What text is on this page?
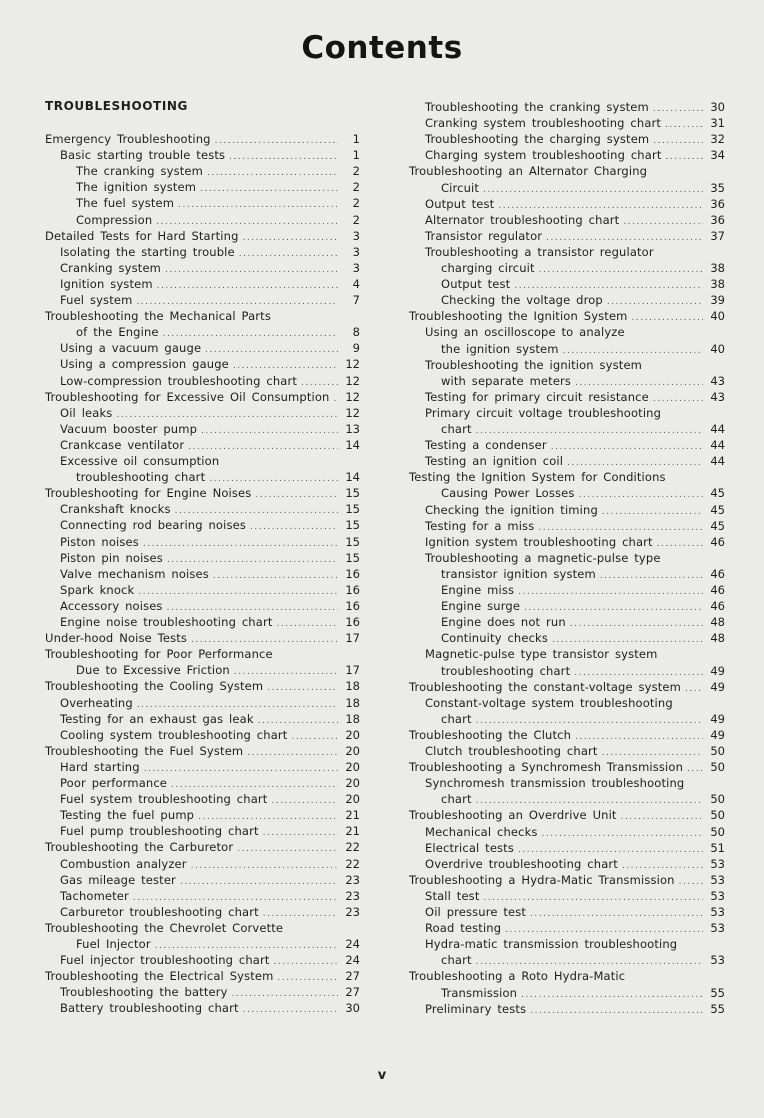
Contents
TROUBLESHOOTING
Emergency Troubleshooting .....	1
Basic starting trouble tests .....	1
The cranking system .....	2
The ignition system .....	2
The fuel system .....	2
Compression .....	2
Detailed Tests for Hard Starting .....	3
Isolating the starting trouble .....	3
Cranking system .....	3
Ignition system .....	4
Fuel system .....	7
Troubleshooting the Mechanical Parts
of the Engine .....	8
Using a vacuum gauge .....	9
Using a compression gauge .....	12
Low-compression troubleshooting chart .....	12
Troubleshooting for Excessive Oil Consumption ..... 12
Oil leaks .....	12
Vacuum booster pump .....	13
Crankcase ventilator .....	14
Excessive oil consumption
troubleshooting chart .....	14
Troubleshooting for Engine Noises .....	15
Crankshaft knocks .....	15
Connecting rod bearing noises .....	15
Piston noises .....	15
Piston pin noises .....	15
Valve mechanism noises .....	16
Spark knock .....	16
Accessory noises .....	16
Engine noise troubleshooting chart .....	16
Under-hood Noise Tests .....	17
Troubleshooting for Poor Performance
Due to Excessive Friction .....	17
Troubleshooting the Cooling System .....	18
Overheating .....	18
Testing for an exhaust gas leak .....	18
Cooling system troubleshooting chart .....	20
Troubleshooting the Fuel System .....	20
Hard starting .....	20
Poor performance .....	20
Fuel system troubleshooting chart .....	20
Testing the fuel pump .....	21
Fuel pump troubleshooting chart .....	21
Troubleshooting the Carburetor .....	22
Combustion analyzer .....	22
Gas mileage tester .....	23
Tachometer .....	23
Carburetor troubleshooting chart .....	23
Troubleshooting the Chevrolet Corvette
Fuel Injector .....	24
Fuel injector troubleshooting chart .....	24
Troubleshooting the Electrical System .....	27
Troubleshooting the battery .....	27
Battery troubleshooting chart .....	30
Troubleshooting the cranking system .....	30
Cranking system troubleshooting chart .....	31
Troubleshooting the charging system .....	32
Charging system troubleshooting chart .....	34
Troubleshooting an Alternator Charging
Circuit .....	35
Output test .....	36
Alternator troubleshooting chart .....	36
Transistor regulator .....	37
Troubleshooting a transistor regulator
charging circuit .....	38
Output test .....	38
Checking the voltage drop .....	39
Troubleshooting the Ignition System .....	40
Using an oscilloscope to analyze
the ignition system .....	40
Troubleshooting the ignition system
with separate meters .....	43
Testing for primary circuit resistance .....	43
Primary circuit voltage troubleshooting
chart .....	44
Testing a condenser .....	44
Testing an ignition coil .....	44
Testing the Ignition System for Conditions
Causing Power Losses .....	45
Checking the ignition timing .....	45
Testing for a miss .....	45
Ignition system troubleshooting chart .....	46
Troubleshooting a magnetic-pulse type
transistor ignition system .....	46
Engine miss .....	46
Engine surge .....	46
Engine does not run .....	48
Continuity checks .....	48
Magnetic-pulse type transistor system
troubleshooting chart .....	49
Troubleshooting the constant-voltage system .....	49
Constant-voltage system troubleshooting
chart .....	49
Troubleshooting the Clutch .....	49
Clutch troubleshooting chart .....	50
Troubleshooting a Synchromesh Transmission ..... 50
Synchromesh transmission troubleshooting
chart .....	50
Troubleshooting an Overdrive Unit .....	50
Mechanical checks .....	50
Electrical tests .....	51
Overdrive troubleshooting chart .....	53
Troubleshooting a Hydra-Matic Transmission .....	53
Stall test .....	53
Oil pressure test .....	53
Road testing .....	53
Hydra-matic transmission troubleshooting
chart .....	53
Troubleshooting a Roto Hydra-Matic
Transmission .....	55
Preliminary tests .....	55
v
